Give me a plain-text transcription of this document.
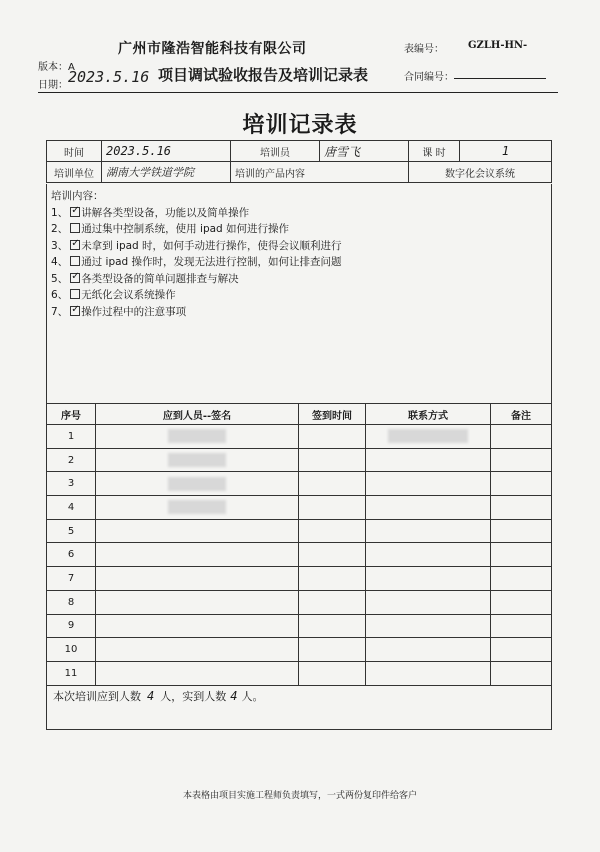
广州市隆浩智能科技有限公司
版本：A
日期： 2023.5.16 项目调试验收报告及培训记录表
表编号： GZLH-HN-
合同编号：
培训记录表
时间	2023.5.16	培训员	唐雪飞	课 时	1
培训单位	湖南大学铁道学院	培训的产品内容		数字化会议系统	
培训内容：
1、 ✓ 讲解各类型设备，功能以及简单操作
2、 通过集中控制系统，使用 ipad 如何进行操作
3、 ✓ 未拿到 ipad 时，如何手动进行操作，使得会议顺利进行
4、 通过 ipad 操作时，发现无法进行控制，如何让排查问题
5、 ✓ 各类型设备的简单问题排查与解决
6、 无纸化会议系统操作
7、 ✓ 操作过程中的注意事项
序号	应到人员--签名	签到时间	联系方式	备注
1				
2				
3				
4				
5				
6				
7				
8				
9				
10				
11				
本次培训应到人数 4 人，实到人数 4 人。
本表格由项目实施工程师负责填写，一式两份复印件给客户
